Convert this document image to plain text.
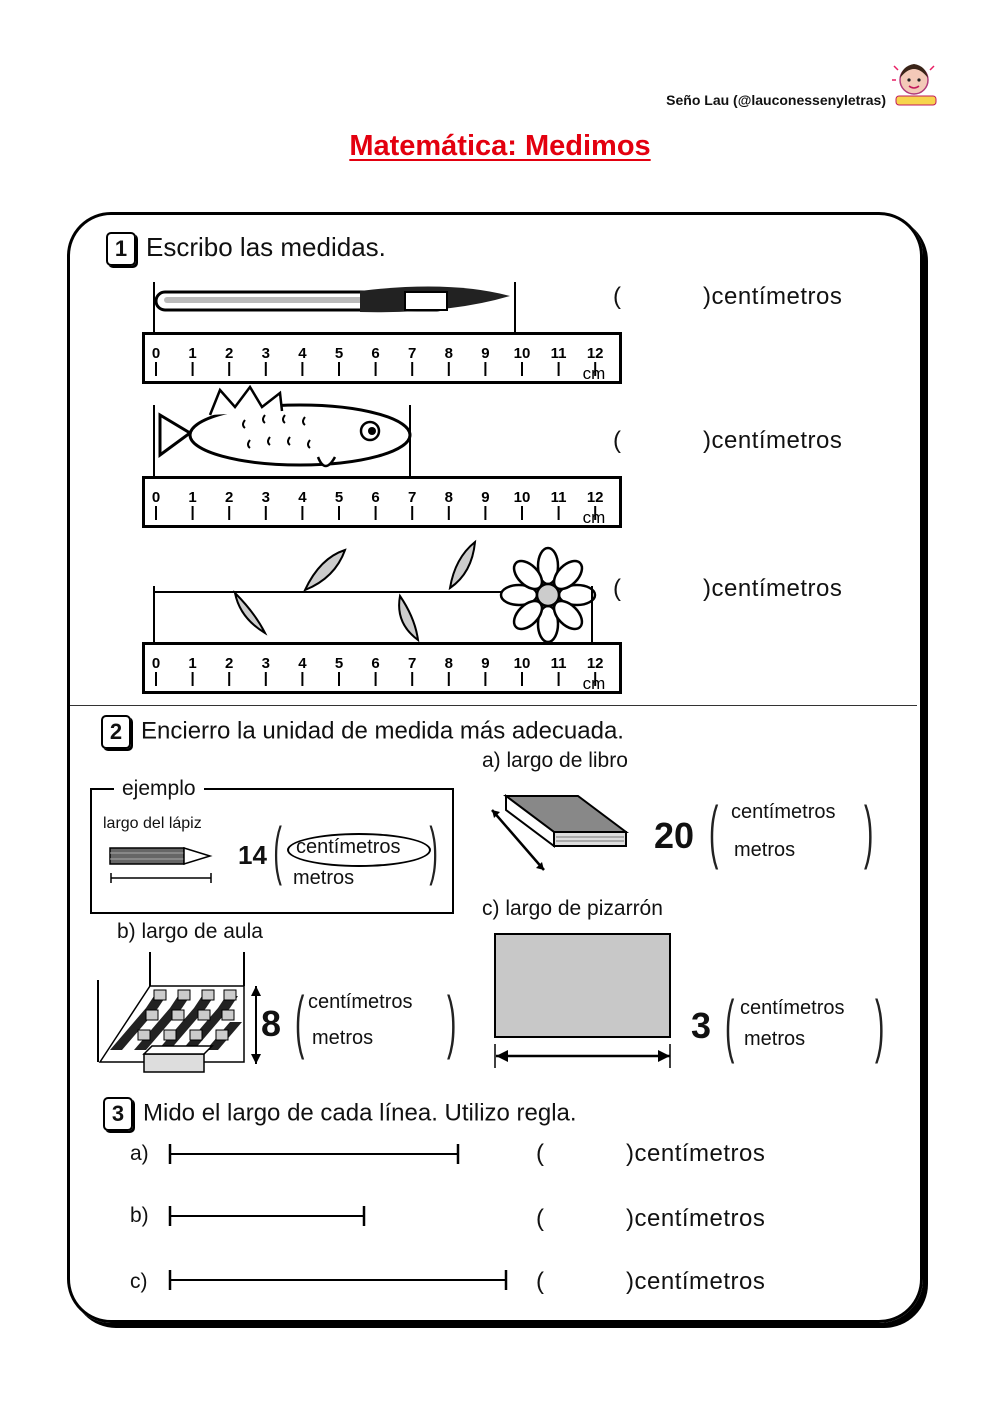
Seño Lau (@lauconessenyletras)
Matemática: Medimos
1 Escribo las medidas.
0 1 2 3 4 5 6 7 8 9 10 11 12
cm
(	)centímetros
0 1 2 3 4 5 6 7 8 9 10 11 12
cm
(	)centímetros
0 1 2 3 4 5 6 7 8 9 10 11 12
cm
(	)centímetros
2 Encierro la unidad de medida más adecuada.
ejemplo
largo del lápiz
14 ( centímetros
metros )
a) largo de libro
20 ( centímetros
metros )
b) largo de aula
8 ( centímetros
metros )
c) largo de pizarrón
3 ( centímetros
metros )
3 Mido el largo de cada línea. Utilizo regla.
a)	(	)centímetros
b)	(	)centímetros
c)	(	)centímetros
